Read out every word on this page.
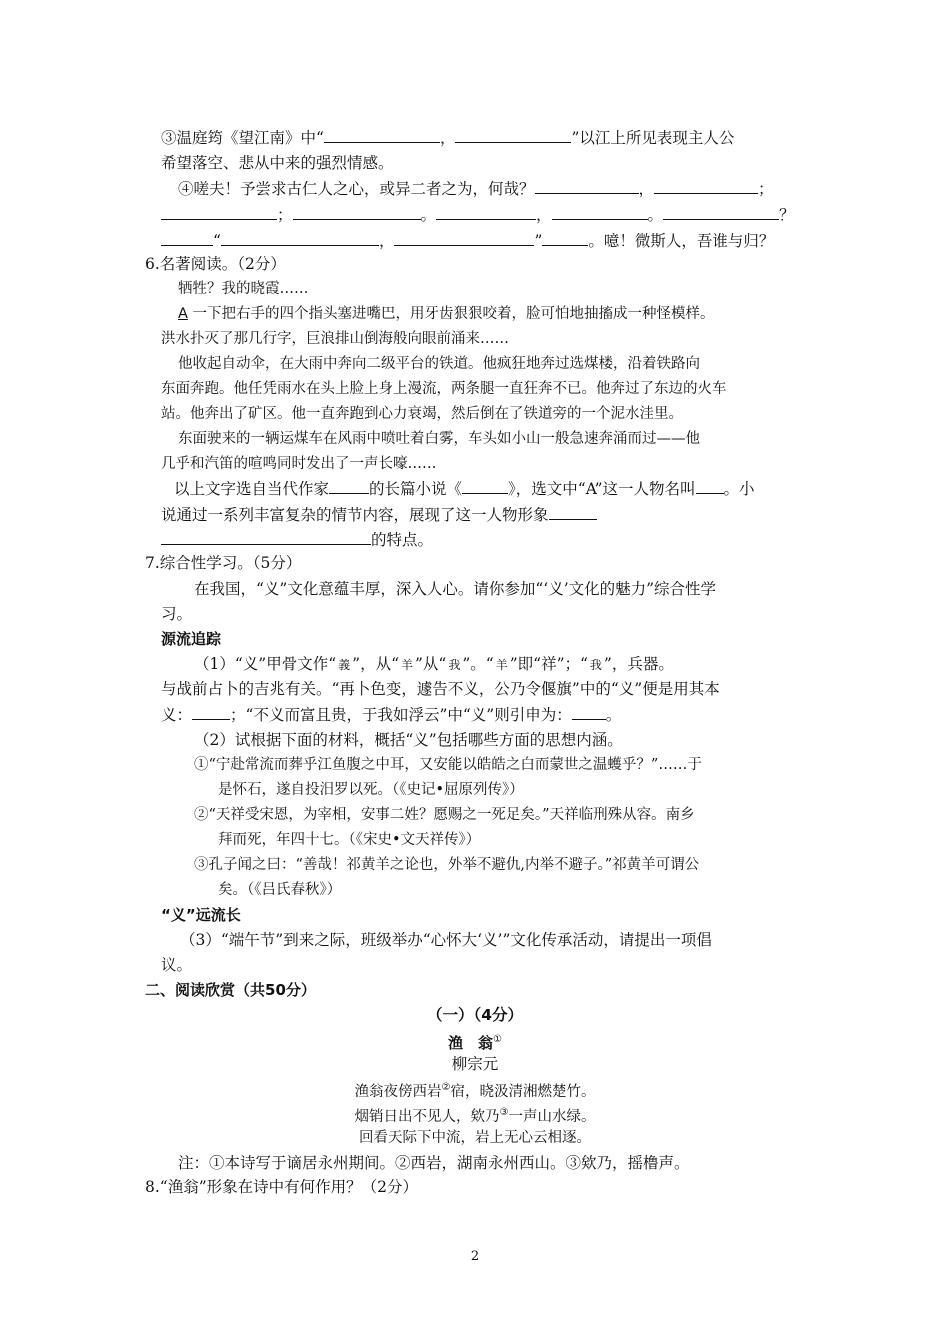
③温庭筠《望江南》中“	，	”以江上所见表现主人公
希望落空、悲从中来的强烈情感。
④嗟夫！予尝求古仁人之心，或异二者之为，何哉？	，	；
；	。	，	。	？
“	，	”	。噫！微斯人，吾谁与归？
6.名著阅读。（2分）
牺牲？我的晓霞……
A 一下把右手的四个指头塞进嘴巴，用牙齿狠狠咬着，脸可怕地抽搐成一种怪模样。
洪水扑灭了那几行字，巨浪排山倒海般向眼前涌来……
他收起自动伞，在大雨中奔向二级平台的铁道。他疯狂地奔过选煤楼，沿着铁路向
东面奔跑。他任凭雨水在头上脸上身上漫流，两条腿一直狂奔不已。他奔过了东边的火车
站。他奔出了矿区。他一直奔跑到心力衰竭，然后倒在了铁道旁的一个泥水洼里。
东面驶来的一辆运煤车在风雨中喷吐着白雾，车头如小山一般急速奔涌而过——他
几乎和汽笛的喧鸣同时发出了一声长嚎……
以上文字选自当代作家	的长篇小说《	》，选文中“A”这一人物名叫 。小
说通过一系列丰富复杂的情节内容，展现了这一人物形象
的特点。
7.综合性学习。（5分）
在我国，“义”文化意蕴丰厚，深入人心。请你参加“‘义’文化的魅力”综合性学
习。
源流追踪
（1）“义”甲骨文作“ 義 ”，从“ 羊 ”从“ 我 ”。“ 羊 ”即“祥”；“ 我 ”，兵器。
与战前占卜的吉兆有关。“再卜色变，遽告不义，公乃令偃旗”中的“义”便是用其本
义： ；“不义而富且贵，于我如浮云”中“义”则引申为： 。
（2）试根据下面的材料，概括“义”包括哪些方面的思想内涵。
①“宁赴常流而葬乎江鱼腹之中耳，又安能以皓皓之白而蒙世之温蠖乎？”……于
是怀石，遂自投汨罗以死。（《史记•屈原列传》）
②“天祥受宋恩，为宰相，安事二姓？愿赐之一死足矣。”天祥临刑殊从容。南乡
拜而死，年四十七。（《宋史•文天祥传》）
③孔子闻之曰：“善哉！祁黄羊之论也，外举不避仇,内举不避子。”祁黄羊可谓公
矣。（《吕氏春秋》）
“义”远流长
（3）“端午节”到来之际，班级举办“心怀大‘义’”文化传承活动，请提出一项倡
议。
二、阅读欣赏（共50分）
（一）（4分）
渔　翁①
柳宗元
渔翁夜傍西岩②宿，晓汲清湘燃楚竹。
烟销日出不见人，欸乃③一声山水绿。
回看天际下中流，岩上无心云相逐。
注：①本诗写于谪居永州期间。②西岩，湖南永州西山。③欸乃，摇橹声。
8.“渔翁”形象在诗中有何作用？（2分）
2
